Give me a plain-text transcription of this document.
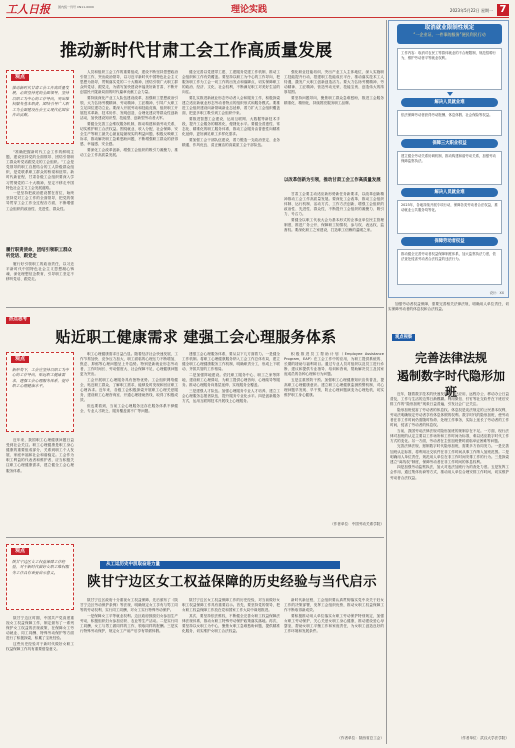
工人日报	国内统一刊号 CN11-0009	理论实践	2023年5月22日 星期一 7
推动新时代甘肃工会工作高质量发展
观点
推动新时代甘肃工会工作高质量发展，必须坚持党的全面领导，坚持以职工为中心的工作导向，突出维权服务基本职责，团结引导广大职工为全面建设社会主义现代化国家作出贡献。

“准确把握新时代工会工作的鲜明主题，建设坚持党的全面领导、团结引领职工群众听党话跟党走的工会组织。”工会是党领导的职工自愿结合的工人阶级群众组织，是党联系职工群众的桥梁和纽带。新时代新征程，甘肃各级工会组织要深入学习贯彻党的二十大精神，坚定不移走中国特色社会主义工会发展道路。

一是坚持把政治建设摆在首位，始终坚持党对工会工作的全面领导，把党的领导贯穿工会工作全过程各方面，不断增强工会组织的政治性、先进性、群众性。

履行职责使命，团结引领职工群众听党话、跟党走

履行好引领职工的政治责任，以习近平新时代中国特色社会主义思想凝心铸魂，深化理想信念教育，引导职工坚定不移听党话、跟党走。

人员和组织工会工作的重要组成，建设不断坚持思想政治引领工作，突出政治领导，以习近平新时代中国特色社会主义思想为指导，贯彻落实党的二十大精神，团结引领广大职工群众听党话、跟党走，为谱写加快建设幸福美好新甘肃、不断开创富民兴陇新局面的时代篇章贡献工会力量。

要持续深化产业工人队伍建设改革，加强职工思想政治引领，大力弘扬劳模精神、劳动精神、工匠精神，引导广大职工立足岗位建功立业。要深入开展劳动和技能竞赛，组织职工开展技术革新、技术协作、发明创造、合理化建议等群众性创新活动，加快建设知识型、技能型、创新型劳动者大军。

要健全完善工会维权服务机制，推动构建和谐劳动关系，切实维护职工合法权益。围绕就业、收入分配、社会保障、安全生产等职工最关心最直接最现实的利益问题，积极反映职工诉求，推动解决职工急难愁盼问题，不断增强职工群众的获得感、幸福感、安全感。

要深化工会改革创新，增强工会组织的吸引力凝聚力，推动工会工作高质量发展。

健全完善以党建带工建、工建服务党建工作机制，推动工会组织和工作有效覆盖。要坚持以职工为中心的工作导向，把服务职工作为工会一切工作的出发点和落脚点，切实保障职工的政治、经济、文化、社会权利，不断满足职工对美好生活的向往。

要扎实推进新就业形态劳动者入会和服务工作，积极探索建立适应新就业形态劳动者特点的组织形式和服务模式。要推进工会组织建设向新领域新业态延伸，着力扩大工会组织覆盖面，把更多职工吸引到工会组织中来。

要推进智慧工会建设，运用互联网、大数据等新技术手段，提升工会服务的精准化、便捷化水平。要健全普惠性、常态化、精准化的职工服务体系，推动工会服务由普惠性向精准化延伸，更好满足职工多样化需求。

要加强工会干部队伍建设，着力锻造一支政治坚定、业务精通、作风优良、清正廉洁的高素质工会干部队伍。

以改革创新为引领，推动甘肃工会工作高质量发展

强化职业技能培训，突出产业工人主体地位，深入实施职工技能提升行动，搭建职工技能成长平台，推动落实技术工人待遇，激发广大职工创新创造活力。要大力弘扬劳模精神、劳动精神、工匠精神，营造劳动光荣、技能宝贵、创造伟大的浓厚氛围。

要坚持问题导向，聚焦职工群众急难愁盼，推进工会服务精准化、精细化，持续擦亮服务职工品牌。

甘肃工会要主动适应新形势新任务新要求，以改革创新精神推动工会工作高质量发展。要深化工会改革，推动工会组织体制、运行机制、活动方式、工作方法创新，增强工会组织的政治性、先进性、群众性，不断提升工会组织的凝聚力、吸引力、号召力。

要健全以职工代表大会为基本形式的企事业单位民主管理制度，推进厂务公开，保障职工知情权、参与权、表达权、监督权。要深化职工之家建设，打造职工信赖的温暖之家。

热点思考
贴近职工健康需求 建强工会心理服务体系
观点
新形势下，工会应坚持以职工为中心的工作导向，贴近职工健康需求，建强工会心理服务体系，提升职工心理健康水平。

近年来，我国职工心理健康问题日益受到社会关注。职工心理健康是职工身心健康的重要组成部分，关系到职工个人发展、家庭幸福和社会和谐稳定。工会作为职工利益的代表者和维护者，应当积极关注职工心理健康需求，建立健全工会心理服务体系。

职工心理健康需求日益凸显。随着经济社会快速发展，工作节奏加快、竞争压力加大，职工面临的心理压力不断增加，焦虑、抑郁等心理问题呈上升趋势。特别是新就业形态劳动者，工作时间长、劳动强度大、社会保障不足，心理健康问题更为突出。

工会开展职工心理服务具有独特优势。工会组织网络健全，贴近职工群众，了解职工需求，能够及时发现和回应职工心理诉求。近年来，各级工会积极探索开展职工心理关爱服务，建设职工心理咨询室、开通心理援助热线，取得了积极成效。

但也要看到，当前工会心理服务还存在服务体系不够健全、专业人才缺乏、服务覆盖面不广等问题。

建强工会心理服务体系，要从以下几方面着力。一是健全工作机制。将职工心理健康服务纳入工会工作总体布局，建立健全职工心理健康服务工作机制，明确职责分工，形成上下联动、齐抓共管的工作格局。

二是加强阵地建设。依托职工服务中心、职工之家等阵地，建设职工心理驿站，为职工提供心理咨询、心理疏导等服务。推动心理服务向基层延伸，实现服务全覆盖。

三是建强人才队伍。加强心理服务专业人才培养，建立工会心理服务志愿者队伍，提升服务专业化水平。四是创新服务方式，运用互联网技术开展线上心理服务。

积极推进员工帮助计划（Employee Assistance Program，EAP）在工会工作中的应用，为职工提供系统的、长期的援助与福利项目。通过专业人员对组织以及员工进行诊断、建议和提供专业指导、培训和咨询，帮助解决员工及其家庭成员的各种心理和行为问题。

五是注重预防干预。加强职工心理健康知识宣传普及，提高职工心理健康意识。建立职工心理健康监测预警机制，对心理问题早发现、早干预，防止心理问题演变为心理危机，切实维护职工身心健康。

（作者单位：中国劳动关系学院）
观点
陕甘宁边区女工权益保障工作经验，对于新时代做好女职工维权服务工作具有重要启示意义。

陕甘宁边区时期，中国共产党高度重视女工权益保障工作，制定颁布了一系列保护女工权益的法规政策，在保障女工劳动就业、同工同酬、特殊劳动保护等方面进行了积极探索，积累了宝贵经验。

这些历史经验对于新时代做好女职工权益保障工作具有重要借鉴意义。

从工运历史中汲取奋进力量
陕甘宁边区女工权益保障的历史经验与当代启示

陕甘宁边区政府十分重视女工权益保障，先后颁布了《陕甘宁边区劳动保护条例》等法规，明确规定女工享有与男工同等的劳动权利，实行同工同酬，对女工实行特殊劳动保护。

一是保障女工平等就业权利。边区政府鼓励妇女参加生产劳动，积极组织妇女参加纺织、农业等生产活动。二是实行同工同酬，女工与男工做同样的工作，领取同样的报酬。三是实行特殊劳动保护，规定女工产前产后享有带薪休假。

陕甘宁边区女工权益保障工作的历史经验，对当前做好女职工权益保障工作具有重要启示。首先，要坚持党的领导，把女职工权益保障工作放在党和国家工作大局中谋划推进。

其次，要坚持依法维权，不断健全完善女职工权益保障法律法规体系，推动女职工特殊劳动保护政策落实落地。再次，要坚持以女职工为中心，聚焦女职工急难愁盼问题，提供精准化服务，切实维护女职工合法权益。

新时代新征程，工会组织要认真贯彻落实党中央关于妇女工作的决策部署，发挥工会组织优势，推动女职工权益保障工作不断取得新成效。

要积极推动用人单位落实女职工劳动保护特别规定，加强女职工劳动保护，关心关爱女职工身心健康，推动建设爱心母婴室，帮助女职工平衡工作和家庭责任，为女职工创造良好的工作环境和发展条件。

（作者单位：陕西省总工会）
取消就业限制性规定
“一企业证，一件事的服务”便民利民行动
工作内容：取消对农民工等群体就业的不合理限制，规范招聘行为，维护劳动者平等就业权利。
解决人员就业难
依法保障劳动者获得劳动报酬、休息休假、社会保险等权益。
保障三大职业权益
建立健全劳动关系协调机制，推动构建和谐劳动关系，加强劳动保障监察执法。
解决人员就业难
2023年，各地持续开展专项行动，保障各类劳动者合法权益，推动就业公共服务均等化。
保障劳动者权益
推动健全完善劳动者权益保障制度体系，加大监察执法力度，依法查处侵害劳动者合法权益的违法行为。
设计：XX

加强劳动者权益保障，需要完善相关法律法规，明确用人单位责任，切实保障劳动者的休息权和合法权益。

观点视察
完善法律法规
遏制数字时代隐形加班

近年，随着数字技术的快速发展和广泛应用，远程办公、移动办公日益普及，工作与生活的边界日渐模糊。利用微信、钉钉等社交软件在下班后安排工作的“隐形加班”现象日益普遍，引发社会广泛关注。

隐形加班侵害了劳动者的休息权。休息权是宪法规定的公民基本权利，劳动法明确规定劳动者享有休息休假的权利。数字时代的隐形加班，使劳动者在非工作时间仍需随时待命、处理工作事务，实际上延长了劳动者的工作时间，侵害了劳动者的休息权。

当前，我国劳动法律法规对隐形加班的规制存在不足。一方面，现行法律对加班的认定主要以工作场所和工作时间为标准，难以适应数字时代工作方式的变化。另一方面，劳动者在主张加班费时面临举证困难等问题。

完善法律法规，遏制数字时代隐形加班，需要多方协同发力。一是完善加班认定标准，将利用社交软件在非工作时间从事工作纳入加班范围。二是明确用人单位责任，规范用人单位在非工作时间安排工作的行为。三是探索建立“离线权”制度，保障劳动者在非工作时间的休息权利。

四是加强劳动监察执法，加大对违法加班行为的查处力度。五是发挥工会作用，通过集体协商等方式，推动用人单位合理安排工作时间，切实维护劳动者合法权益。

（作者单位：武汉大学法学院）
